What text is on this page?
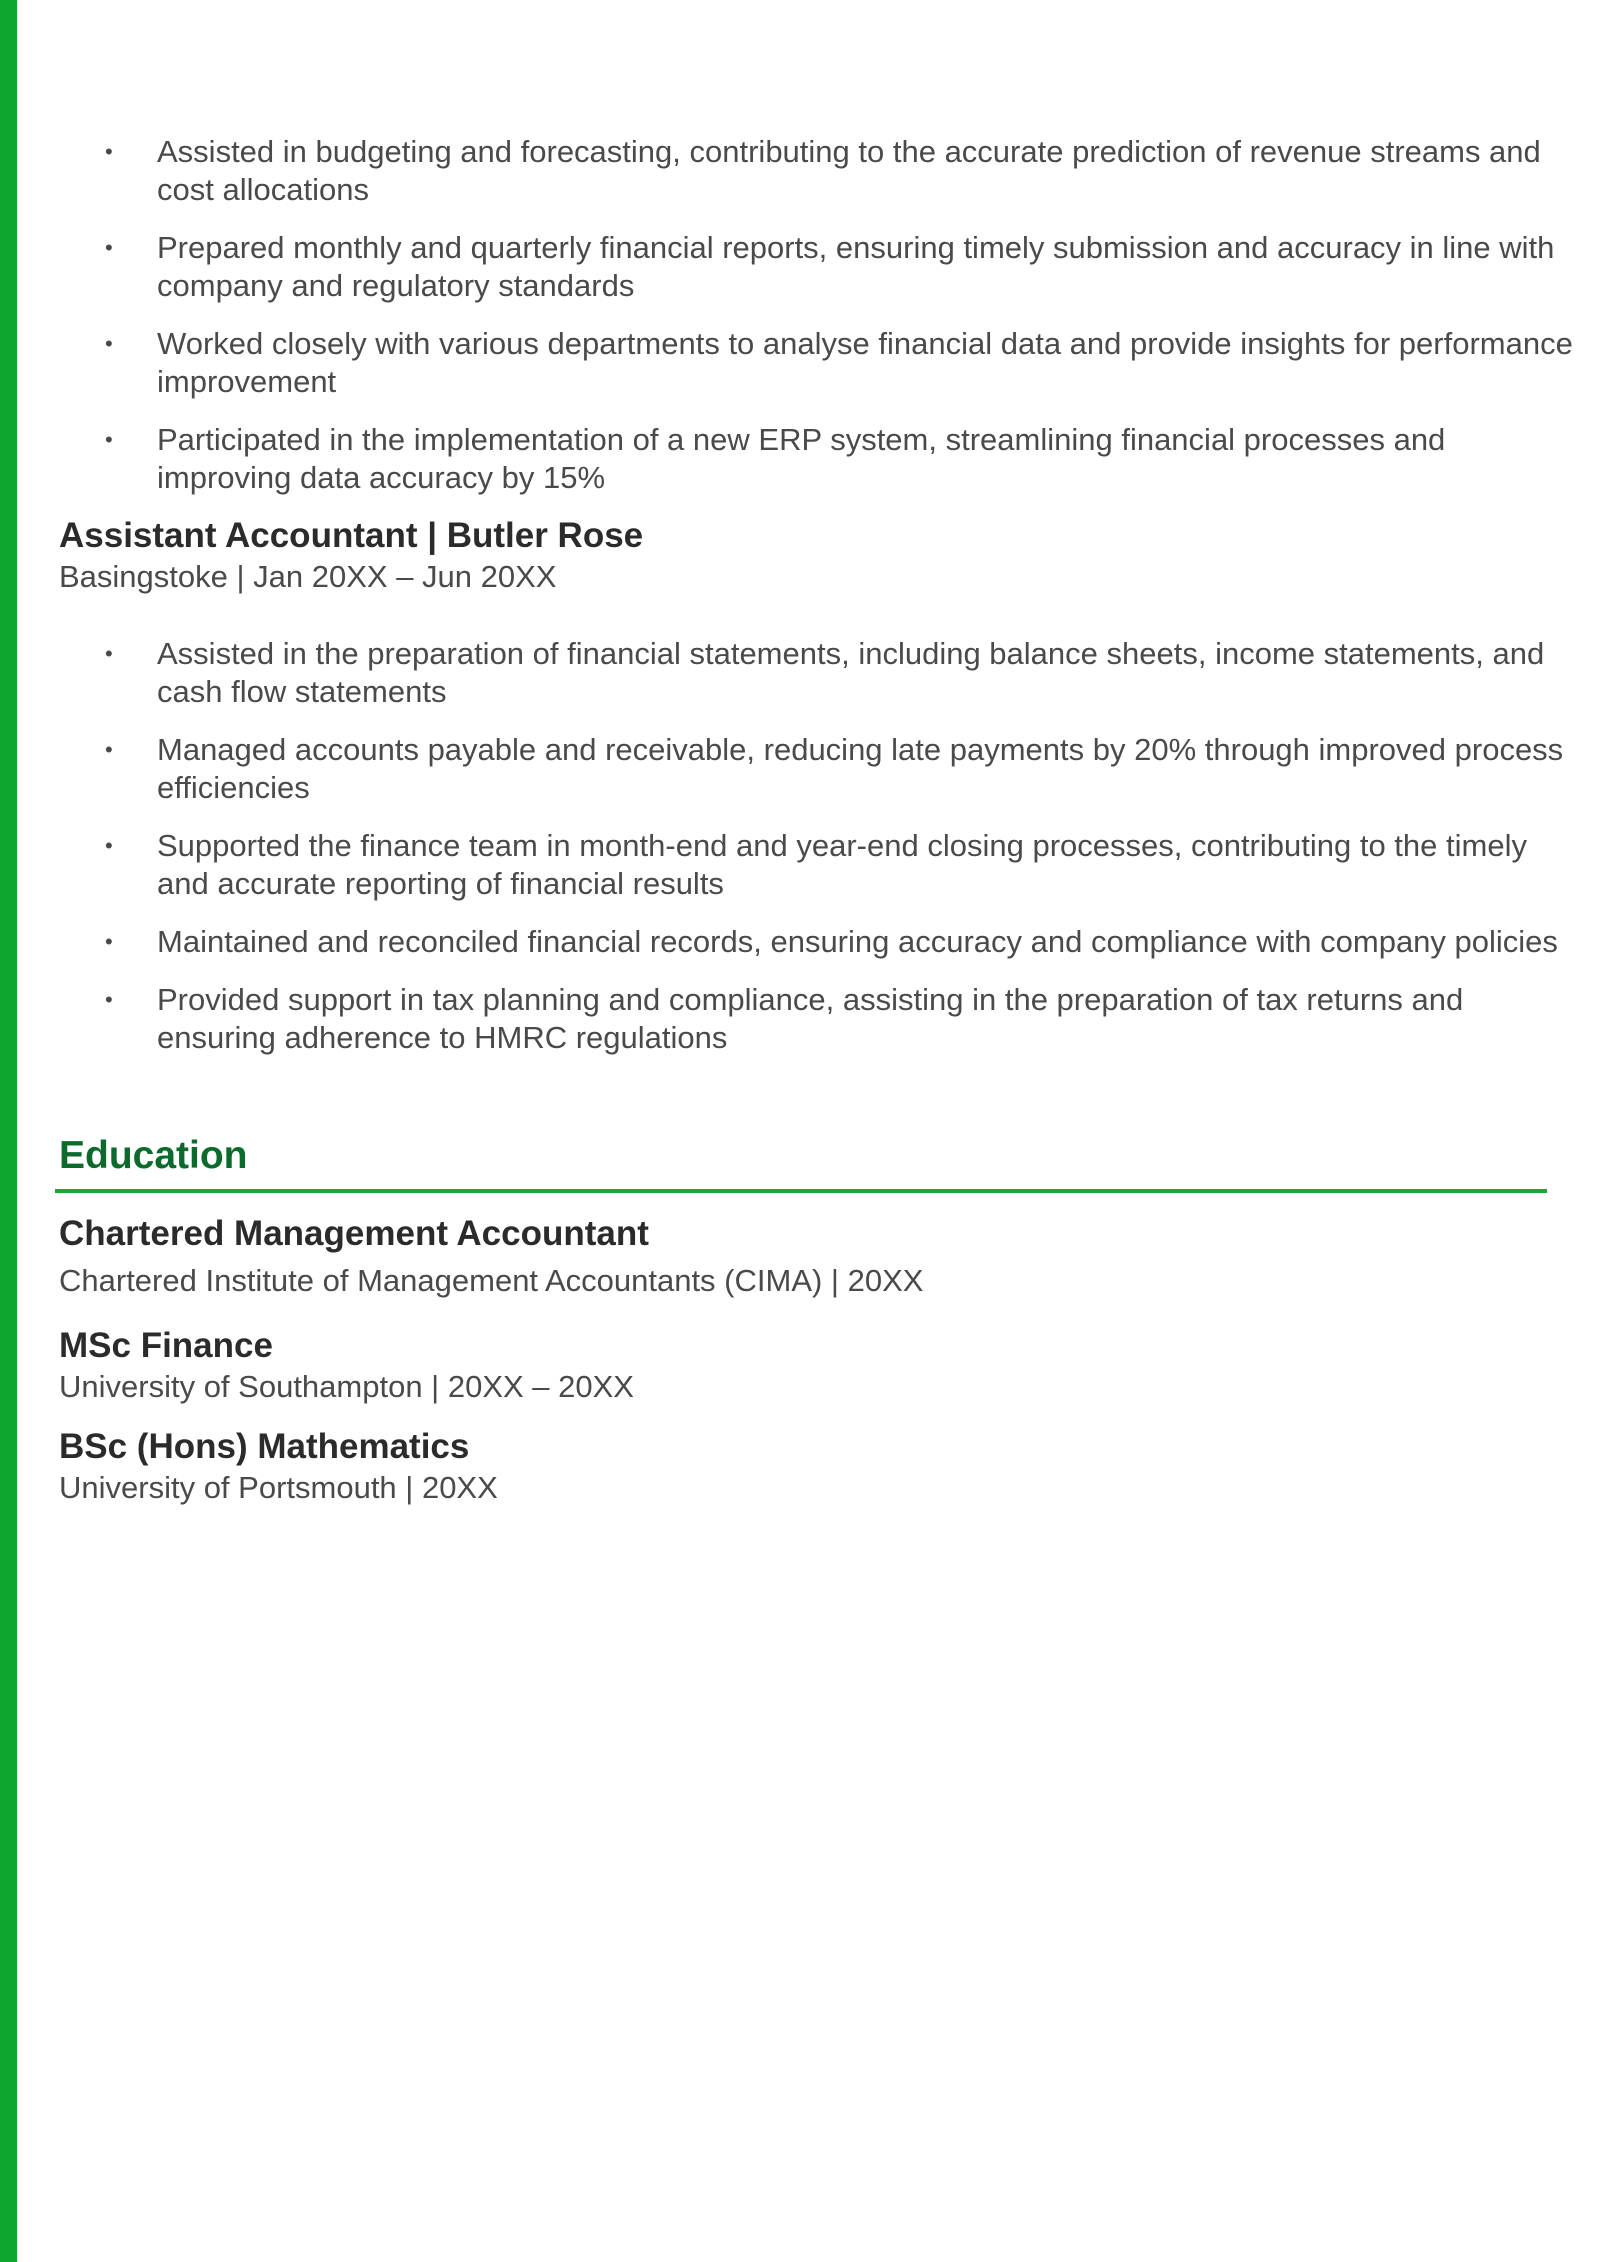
• Assisted in budgeting and forecasting, contributing to the accurate prediction of revenue streams and cost allocations
• Prepared monthly and quarterly financial reports, ensuring timely submission and accuracy in line with company and regulatory standards
• Worked closely with various departments to analyse financial data and provide insights for performance improvement
• Participated in the implementation of a new ERP system, streamlining financial processes and improving data accuracy by 15%
Assistant Accountant | Butler Rose
Basingstoke | Jan 20XX – Jun 20XX
• Assisted in the preparation of financial statements, including balance sheets, income statements, and cash flow statements
• Managed accounts payable and receivable, reducing late payments by 20% through improved process efficiencies
• Supported the finance team in month-end and year-end closing processes, contributing to the timely and accurate reporting of financial results
• Maintained and reconciled financial records, ensuring accuracy and compliance with company policies
• Provided support in tax planning and compliance, assisting in the preparation of tax returns and ensuring adherence to HMRC regulations
Education
Chartered Management Accountant
Chartered Institute of Management Accountants (CIMA) | 20XX
MSc Finance
University of Southampton | 20XX – 20XX
BSc (Hons) Mathematics
University of Portsmouth | 20XX
